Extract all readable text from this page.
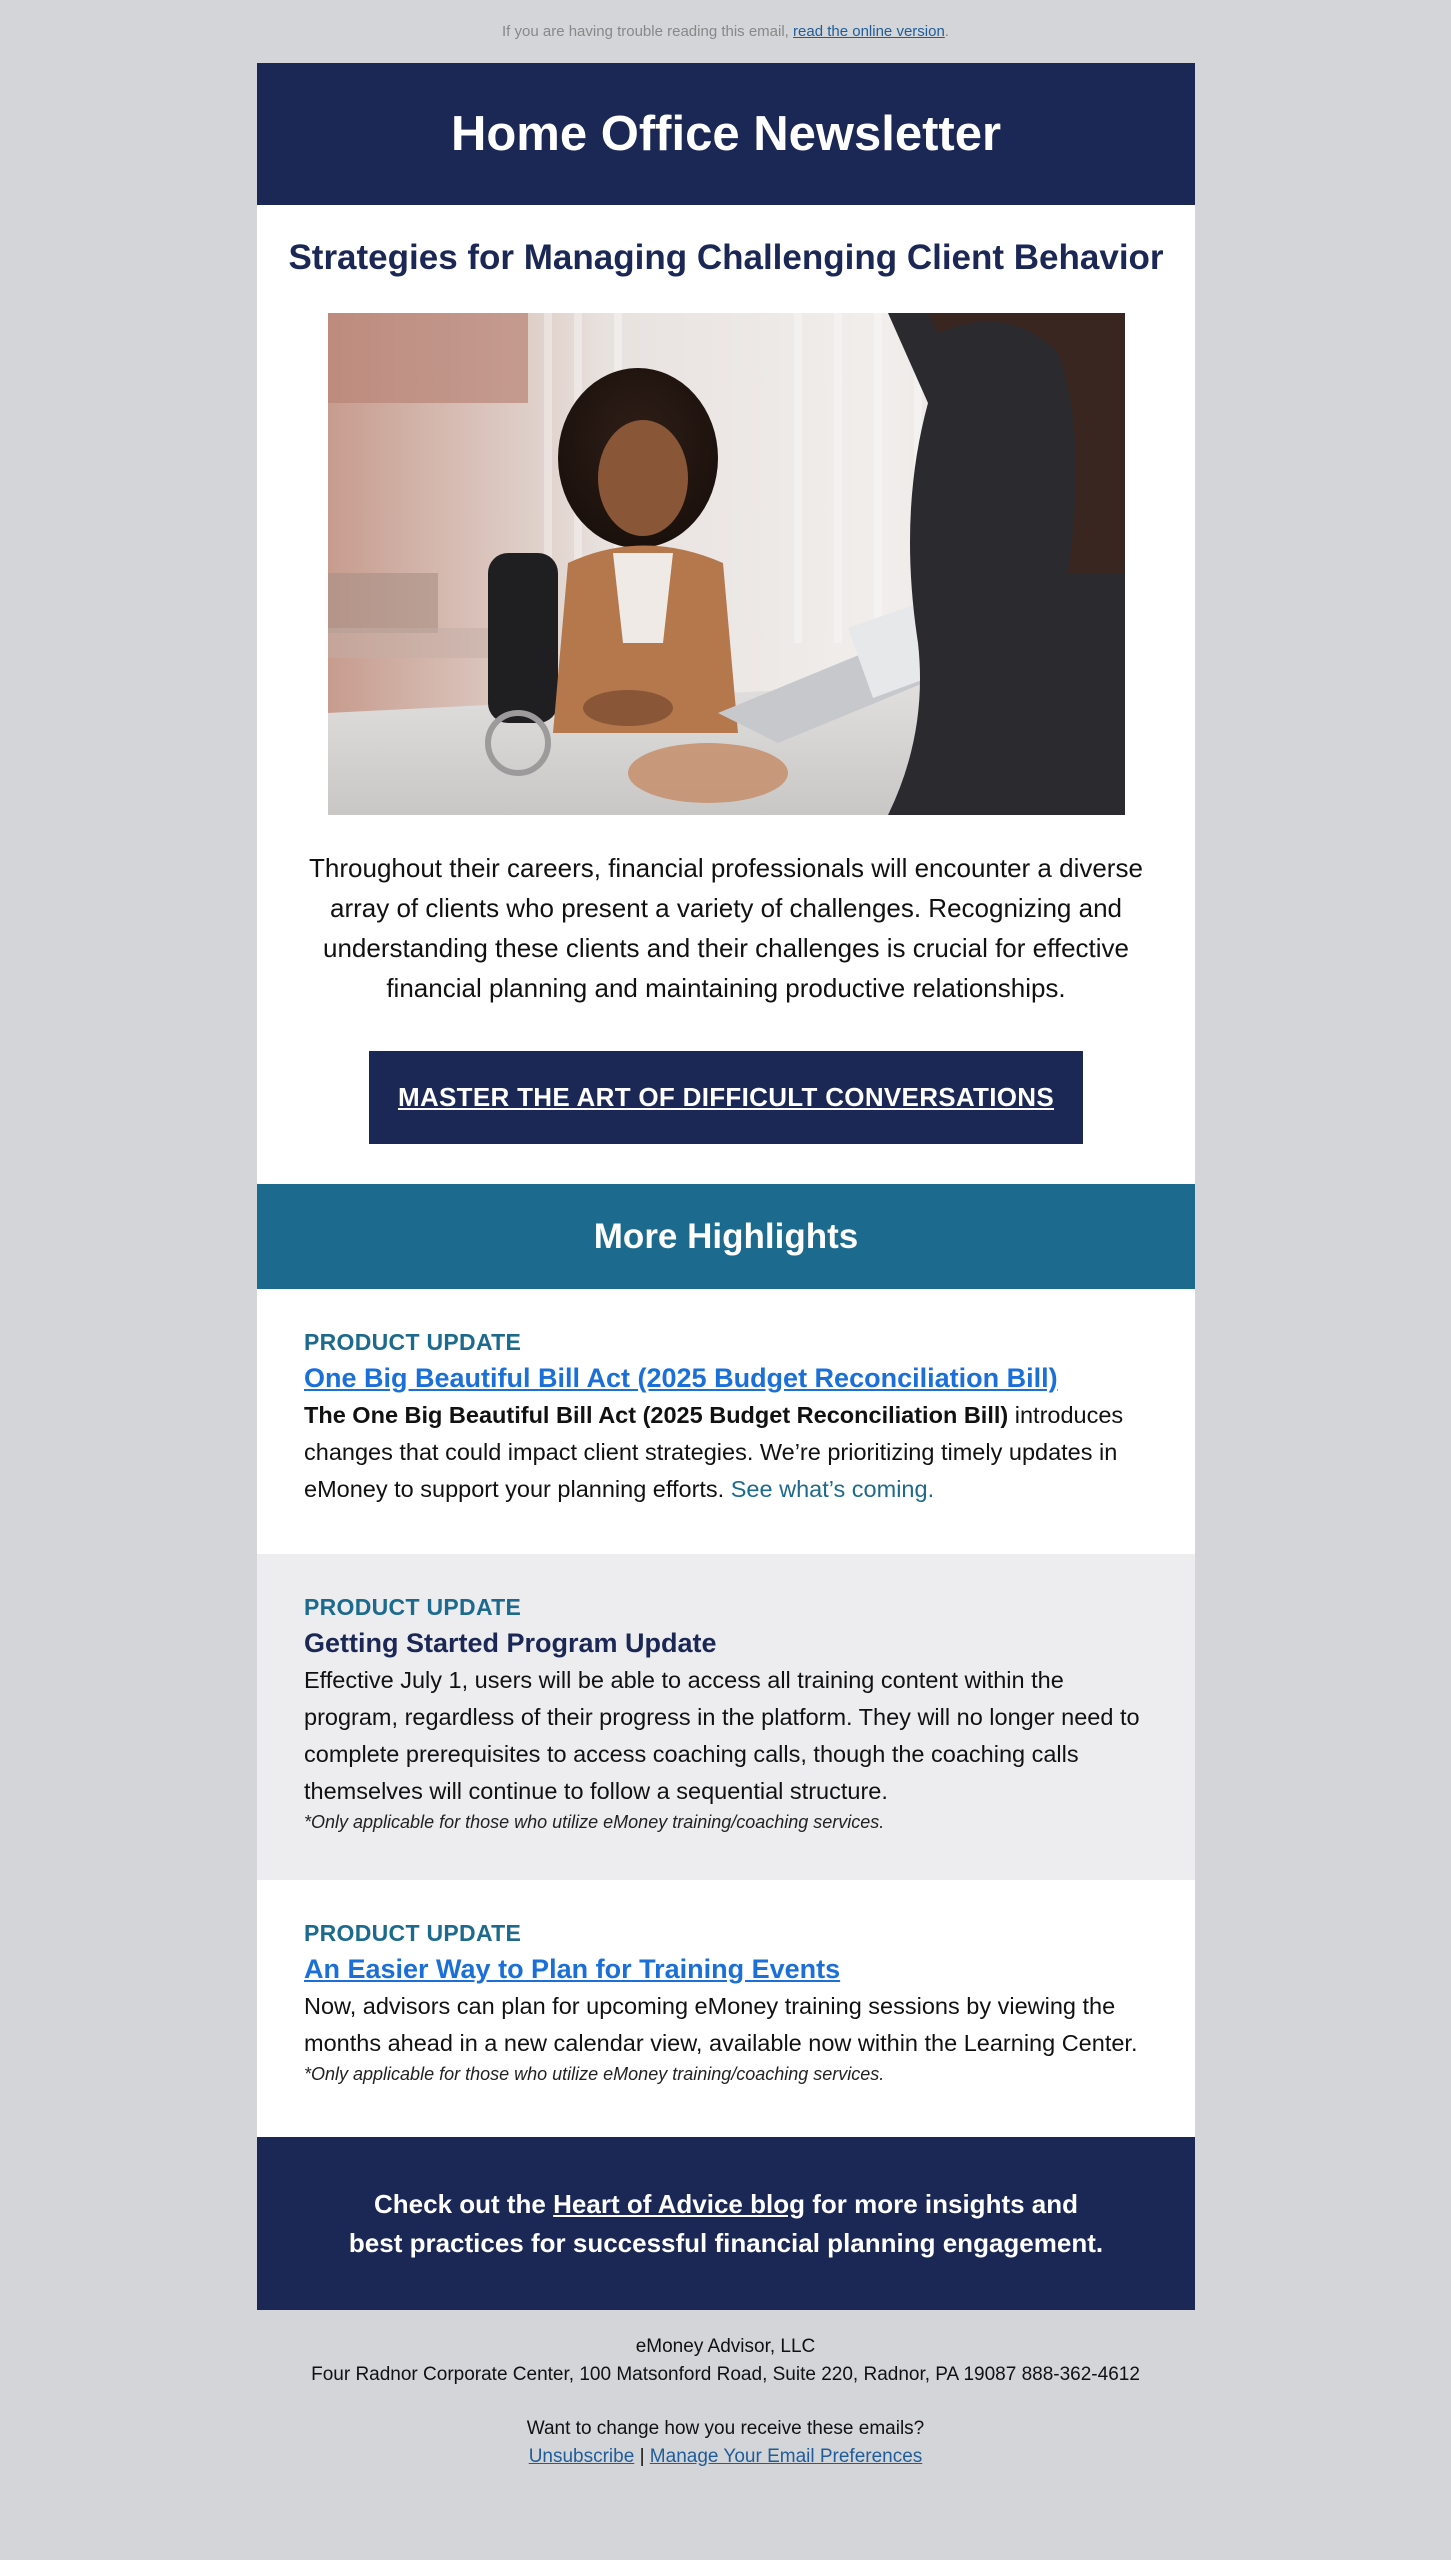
If you are having trouble reading this email, read the online version.
Home Office Newsletter
Strategies for Managing Challenging Client Behavior

Throughout their careers, financial professionals will encounter a diverse array of clients who present a variety of challenges. Recognizing and understanding these clients and their challenges is crucial for effective financial planning and maintaining productive relationships.

MASTER THE ART OF DIFFICULT CONVERSATIONS
More Highlights
PRODUCT UPDATE
One Big Beautiful Bill Act (2025 Budget Reconciliation Bill)

The One Big Beautiful Bill Act (2025 Budget Reconciliation Bill) introduces changes that could impact client strategies. We’re prioritizing timely updates in eMoney to support your planning efforts. See what’s coming.

PRODUCT UPDATE
Getting Started Program Update

Effective July 1, users will be able to access all training content within the program, regardless of their progress in the platform. They will no longer need to complete prerequisites to access coaching calls, though the coaching calls themselves will continue to follow a sequential structure.

*Only applicable for those who utilize eMoney training/coaching services.

PRODUCT UPDATE
An Easier Way to Plan for Training Events

Now, advisors can plan for upcoming eMoney training sessions by viewing the months ahead in a new calendar view, available now within the Learning Center.

*Only applicable for those who utilize eMoney training/coaching services.

Check out the Heart of Advice blog for more insights and best practices for successful financial planning engagement.

eMoney Advisor, LLC
Four Radnor Corporate Center, 100 Matsonford Road, Suite 220, Radnor, PA 19087 888-362-4612
Want to change how you receive these emails?
Unsubscribe | Manage Your Email Preferences
